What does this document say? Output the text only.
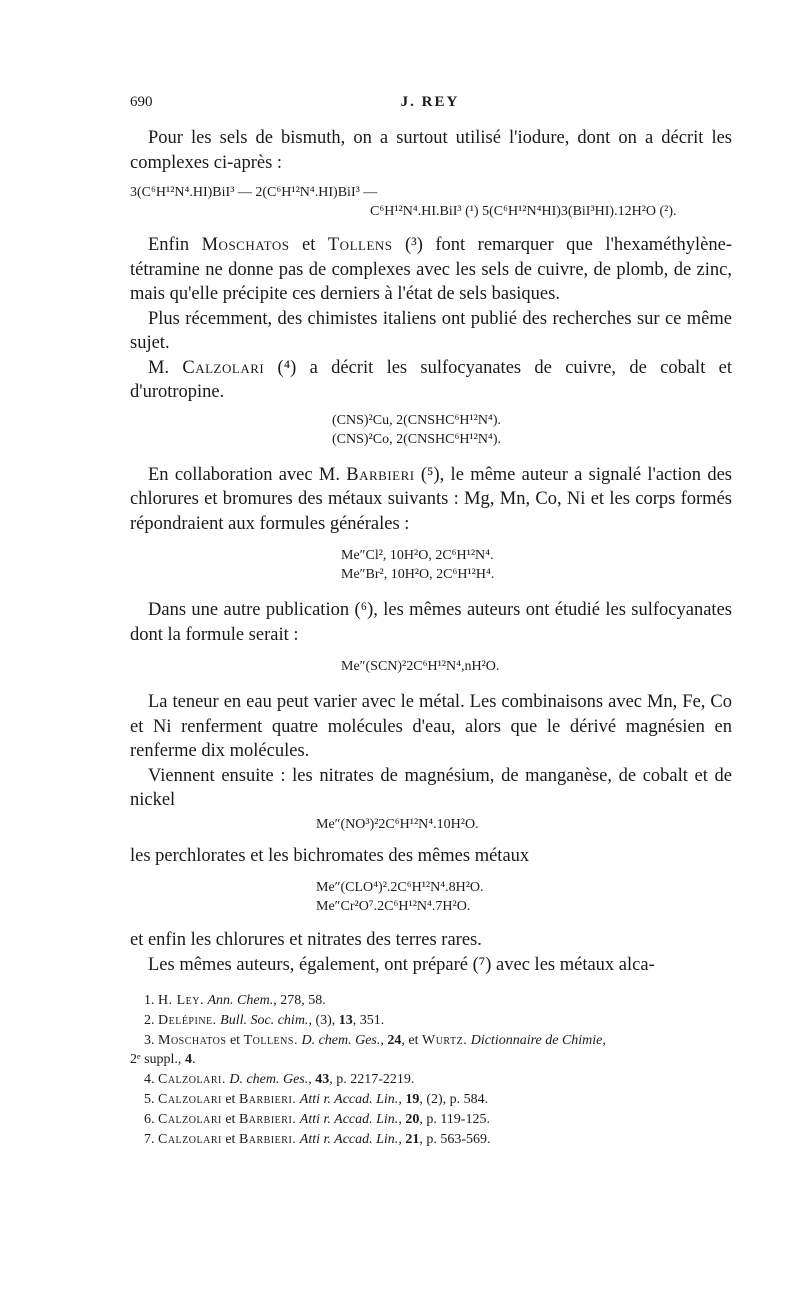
690	J. REY

Pour les sels de bismuth, on a surtout utilisé l'iodure, dont on a décrit les complexes ci-après :

3(C⁶H¹²N⁴.HI)BiI³ — 2(C⁶H¹²N⁴.HI)BiI³ —
C⁶H¹²N⁴.HI.BiI³ (¹) 5(C⁶H¹²N⁴HI)3(BiI³HI).12H²O (²).

Enfin Moschatos et Tollens (³) font remarquer que l'hexaméthylène-tétramine ne donne pas de complexes avec les sels de cuivre, de plomb, de zinc, mais qu'elle précipite ces derniers à l'état de sels basiques.

Plus récemment, des chimistes italiens ont publié des recherches sur ce même sujet.

M. Calzolari (⁴) a décrit les sulfocyanates de cuivre, de cobalt et d'urotropine.

(CNS)²Cu, 2(CNSHC⁶H¹²N⁴).
(CNS)²Co, 2(CNSHC⁶H¹²N⁴).

En collaboration avec M. Barbieri (⁵), le même auteur a signalé l'action des chlorures et bromures des métaux suivants : Mg, Mn, Co, Ni et les corps formés répondraient aux formules générales :

Me″Cl², 10H²O, 2C⁶H¹²N⁴.
Me″Br², 10H²O, 2C⁶H¹²H⁴.

Dans une autre publication (⁶), les mêmes auteurs ont étudié les sulfocyanates dont la formule serait :

Me″(SCN)²2C⁶H¹²N⁴,nH²O.

La teneur en eau peut varier avec le métal. Les combinaisons avec Mn, Fe, Co et Ni renferment quatre molécules d'eau, alors que le dérivé magnésien en renferme dix molécules.

Viennent ensuite : les nitrates de magnésium, de manganèse, de cobalt et de nickel

Me″(NO³)²2C⁶H¹²N⁴.10H²O.

les perchlorates et les bichromates des mêmes métaux

Me″(CLO⁴)².2C⁶H¹²N⁴.8H²O.
Me″Cr²O⁷.2C⁶H¹²N⁴.7H²O.

et enfin les chlorures et nitrates des terres rares.

Les mêmes auteurs, également, ont préparé (⁷) avec les métaux alca-

1. H. Ley. Ann. Chem., 278, 58.
2. Delépine. Bull. Soc. chim., (3), 13, 351.
3. Moschatos et Tollens. D. chem. Ges., 24, et Wurtz. Dictionnaire de Chimie,
2ᵉ suppl., 4.
4. Calzolari. D. chem. Ges., 43, p. 2217-2219.
5. Calzolari et Barbieri. Atti r. Accad. Lin., 19, (2), p. 584.
6. Calzolari et Barbieri. Atti r. Accad. Lin., 20, p. 119-125.
7. Calzolari et Barbieri. Atti r. Accad. Lin., 21, p. 563-569.
